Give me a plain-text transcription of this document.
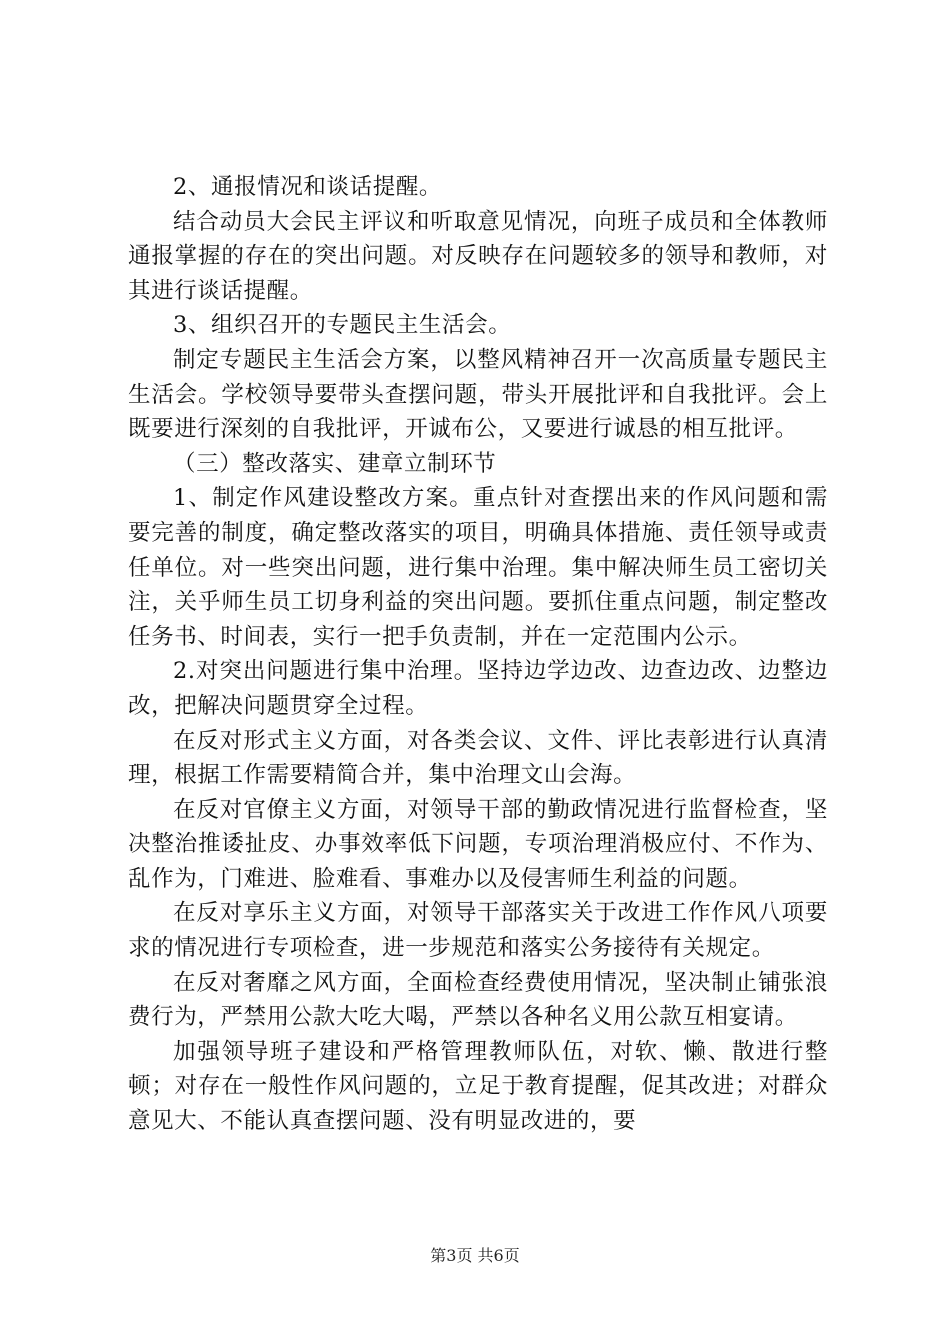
2、通报情况和谈话提醒。

结合动员大会民主评议和听取意见情况，向班子成员和全体教师通报掌握的存在的突出问题。对反映存在问题较多的领导和教师，对其进行谈话提醒。

3、组织召开的专题民主生活会。

制定专题民主生活会方案，以整风精神召开一次高质量专题民主生活会。学校领导要带头查摆问题，带头开展批评和自我批评。会上既要进行深刻的自我批评，开诚布公，又要进行诚恳的相互批评。

（三）整改落实、建章立制环节

1、制定作风建设整改方案。重点针对查摆出来的作风问题和需要完善的制度，确定整改落实的项目，明确具体措施、责任领导或责任单位。对一些突出问题，进行集中治理。集中解决师生员工密切关注，关乎师生员工切身利益的突出问题。要抓住重点问题，制定整改任务书、时间表，实行一把手负责制，并在一定范围内公示。

2.对突出问题进行集中治理。坚持边学边改、边查边改、边整边改，把解决问题贯穿全过程。

在反对形式主义方面，对各类会议、文件、评比表彰进行认真清理，根据工作需要精简合并，集中治理文山会海。

在反对官僚主义方面，对领导干部的勤政情况进行监督检查，坚决整治推诿扯皮、办事效率低下问题，专项治理消极应付、不作为、乱作为，门难进、脸难看、事难办以及侵害师生利益的问题。

在反对享乐主义方面，对领导干部落实关于改进工作作风八项要求的情况进行专项检查，进一步规范和落实公务接待有关规定。

在反对奢靡之风方面，全面检查经费使用情况，坚决制止铺张浪费行为，严禁用公款大吃大喝，严禁以各种名义用公款互相宴请。

加强领导班子建设和严格管理教师队伍，对软、懒、散进行整顿；对存在一般性作风问题的，立足于教育提醒，促其改进；对群众意见大、不能认真查摆问题、没有明显改进的，要

第3页 共6页
